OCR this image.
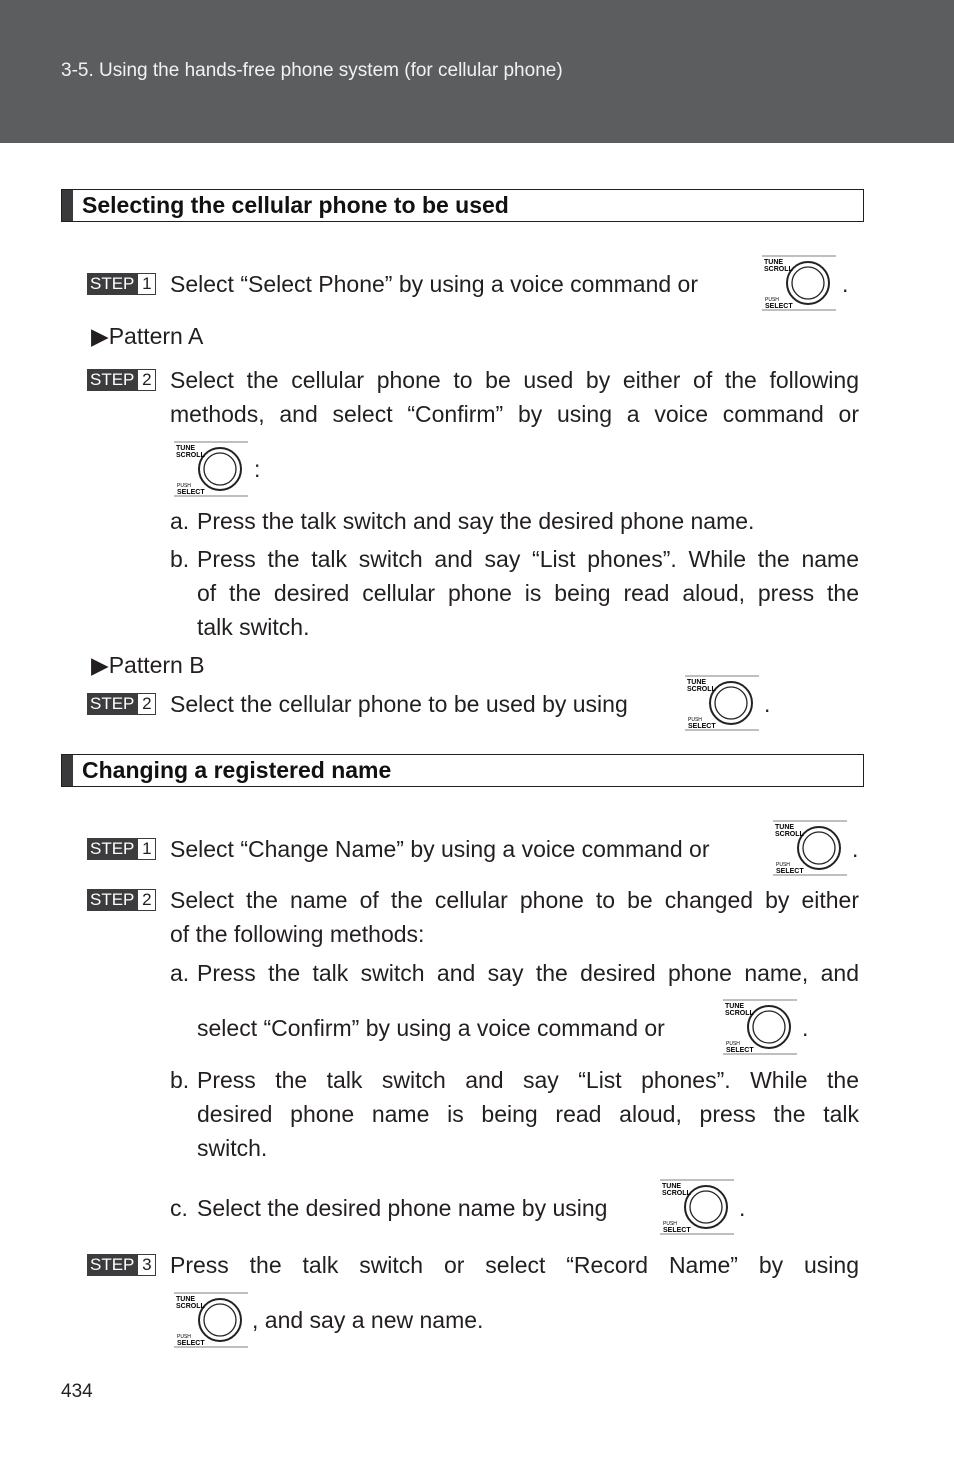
3-5. Using the hands-free phone system (for cellular phone)
Selecting the cellular phone to be used
STEP 1 Select “Select Phone” by using a voice command or
TUNE
SCROLL
PUSH
SELECT
.
▶Pattern A
STEP 2 Select the cellular phone to be used by either of the following
methods, and select “Confirm” by using a voice command or
TUNE
SCROLL
PUSH
SELECT
:
a. Press the talk switch and say the desired phone name.
b. Press the talk switch and say “List phones”. While the name
of the desired cellular phone is being read aloud, press the
talk switch.
▶Pattern B
STEP 2 Select the cellular phone to be used by using
TUNE
SCROLL
PUSH
SELECT
.
Changing a registered name
STEP 1 Select “Change Name” by using a voice command or
TUNE
SCROLL
PUSH
SELECT
.
STEP 2 Select the name of the cellular phone to be changed by either
of the following methods:
a. Press the talk switch and say the desired phone name, and
select “Confirm” by using a voice command or
TUNE
SCROLL
PUSH
SELECT
.
b. Press the talk switch and say “List phones”. While the
desired phone name is being read aloud, press the talk
switch.
c. Select the desired phone name by using
TUNE
SCROLL
PUSH
SELECT
.
STEP 3 Press the talk switch or select “Record Name” by using
TUNE
SCROLL
PUSH
SELECT
, and say a new name.
434
